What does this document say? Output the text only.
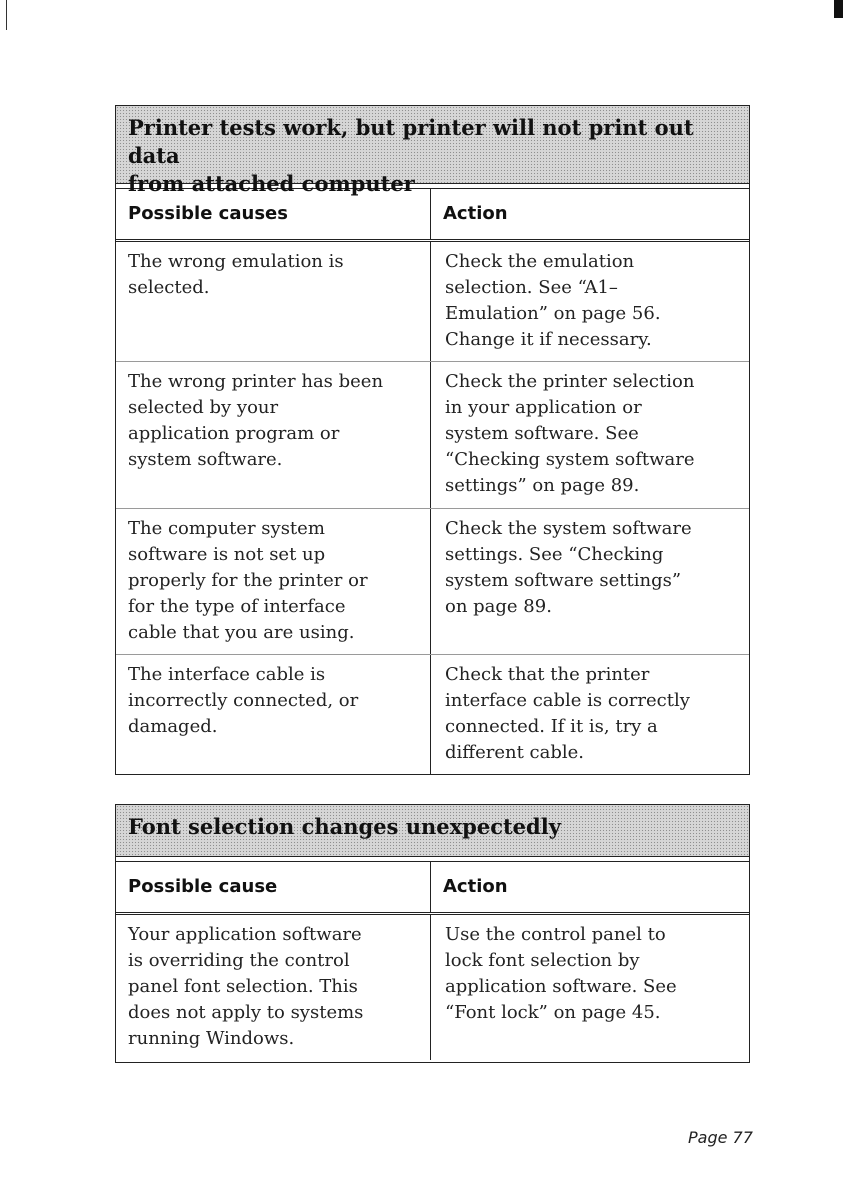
Printer tests work, but printer will not print out data
from attached computer
Possible causes	Action
The wrong emulation is
selected.
Check the emulation
selection. See “A1–
Emulation” on page 56.
Change it if necessary.
The wrong printer has been
selected by your
application program or
system software.
Check the printer selection
in your application or
system software. See
“Checking system software
settings” on page 89.
The computer system
software is not set up
properly for the printer or
for the type of interface
cable that you are using.
Check the system software
settings. See “Checking
system software settings”
on page 89.
The interface cable is
incorrectly connected, or
damaged.
Check that the printer
interface cable is correctly
connected. If it is, try a
different cable.
Font selection changes unexpectedly
Possible cause	Action
Your application software
is overriding the control
panel font selection. This
does not apply to systems
running Windows.
Use the control panel to
lock font selection by
application software. See
“Font lock” on page 45.
Page 77
